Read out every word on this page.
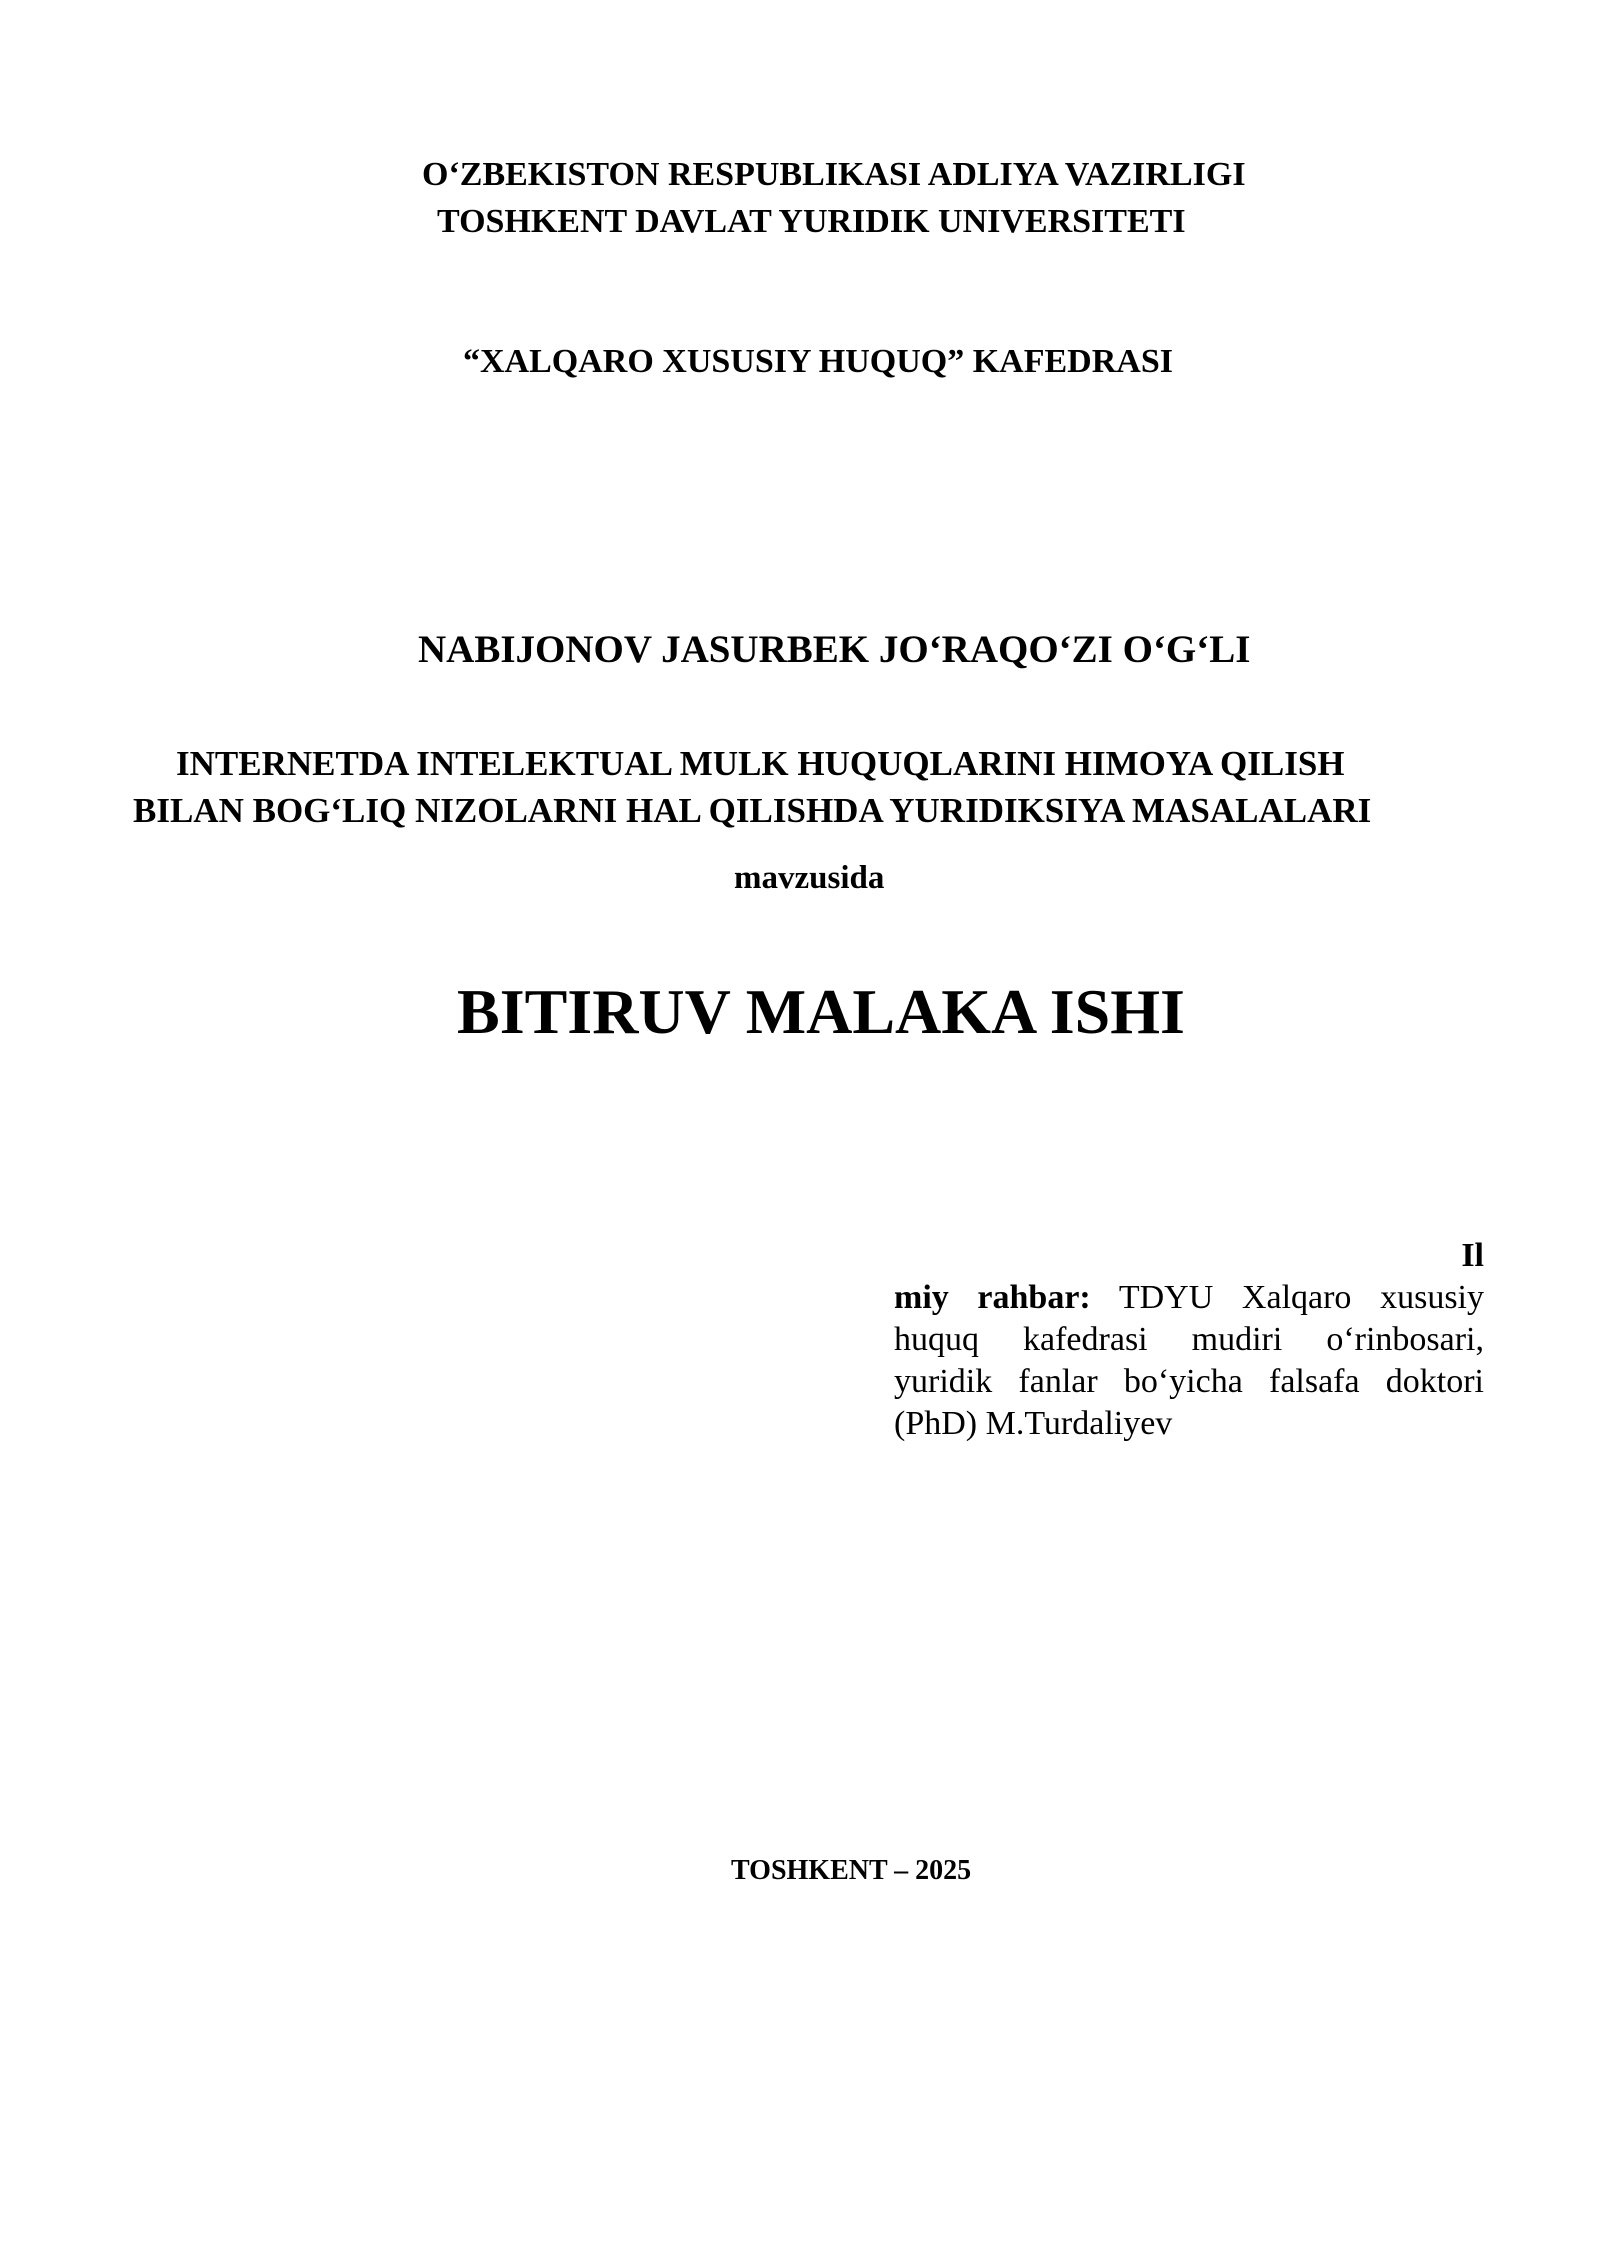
O‘ZBEKISTON RESPUBLIKASI ADLIYA VAZIRLIGI
TOSHKENT DAVLAT YURIDIK UNIVERSITETI
“XALQARO XUSUSIY HUQUQ” KAFEDRASI
NABIJONOV JASURBEK JO‘RAQO‘ZI O‘G‘LI
INTERNETDA INTELEKTUAL MULK HUQUQLARINI HIMOYA QILISH
BILAN BOG‘LIQ NIZOLARNI HAL QILISHDA YURIDIKSIYA MASALALARI
mavzusida
BITIRUV MALAKA ISHI
Il
miy rahbar: TDYU Xalqaro xususiy huquq kafedrasi mudiri o‘rinbosari, yuridik fanlar bo‘yicha falsafa doktori (PhD) M.Turdaliyev
TOSHKENT – 2025
